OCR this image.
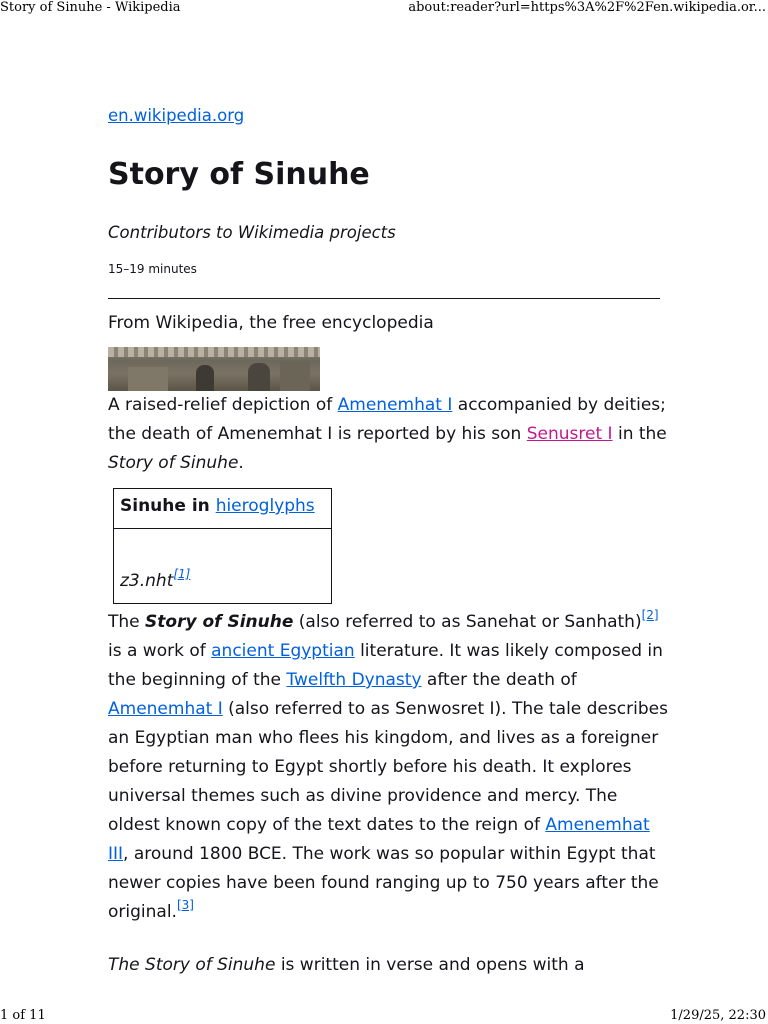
Story of Sinuhe - Wikipedia	about:reader?url=https%3A%2F%2Fen.wikipedia.or...
en.wikipedia.org
Story of Sinuhe
Contributors to Wikimedia projects
15–19 minutes
From Wikipedia, the free encyclopedia
A raised-relief depiction of Amenemhat I accompanied by deities; the death of Amenemhat I is reported by his son Senusret I in the Story of Sinuhe.
Sinuhe in hieroglyphs
z3.nht[1]

The Story of Sinuhe (also referred to as Sanehat or Sanhath)[2] is a work of ancient Egyptian literature. It was likely composed in the beginning of the Twelfth Dynasty after the death of Amenemhat I (also referred to as Senwosret I). The tale describes an Egyptian man who flees his kingdom, and lives as a foreigner before returning to Egypt shortly before his death. It explores universal themes such as divine providence and mercy. The oldest known copy of the text dates to the reign of Amenemhat III, around 1800 BCE. The work was so popular within Egypt that newer copies have been found ranging up to 750 years after the original.[3]

The Story of Sinuhe is written in verse and opens with a

1 of 11	1/29/25, 22:30
